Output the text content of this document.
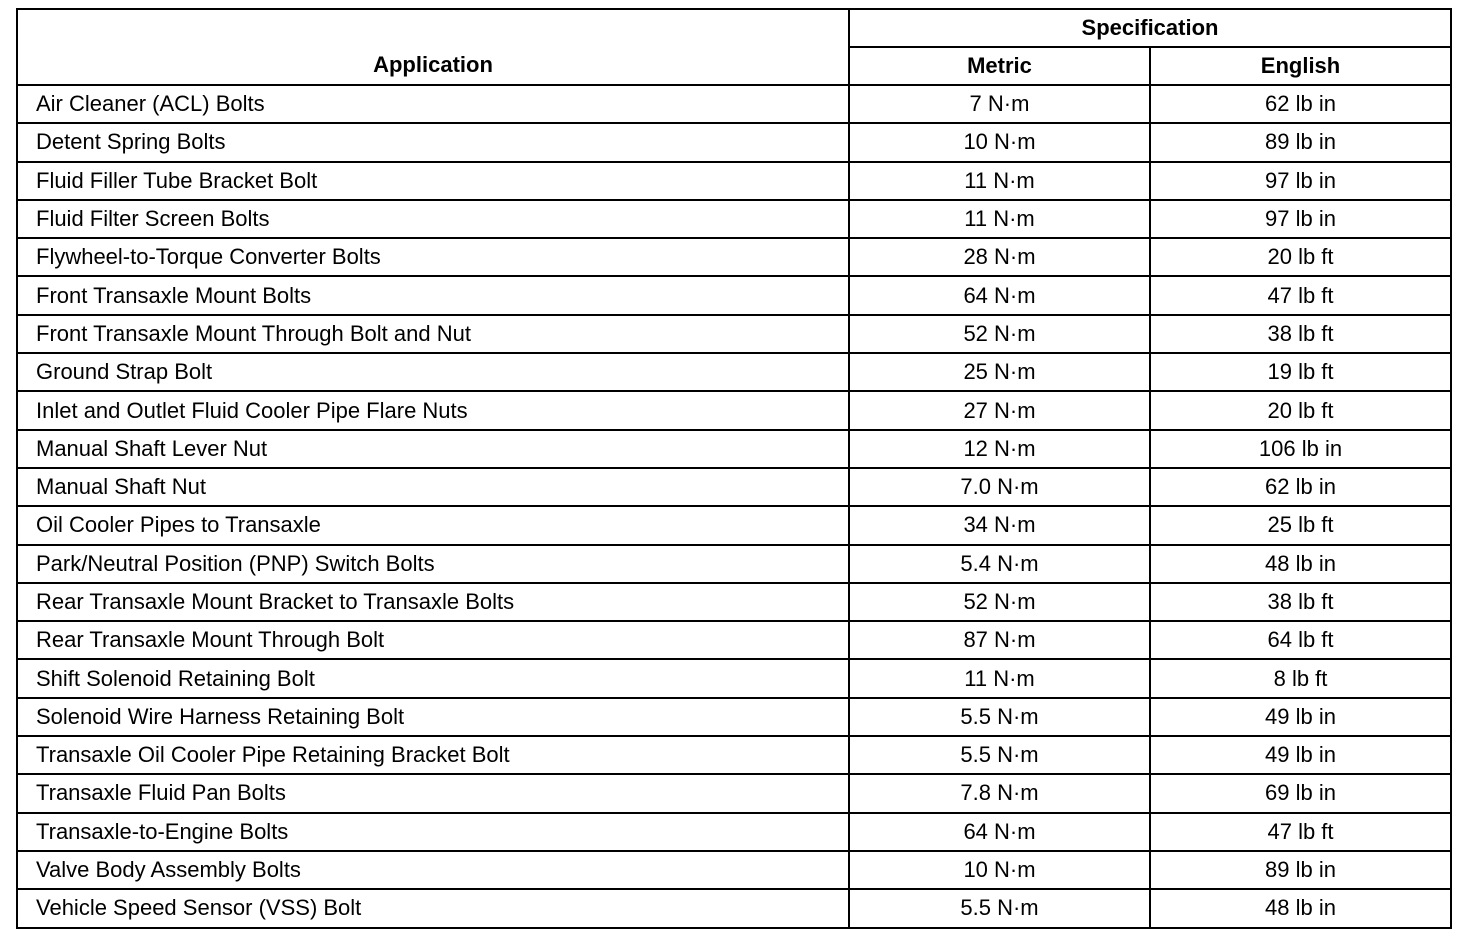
Application	Specification	
	Metric	English
Air Cleaner (ACL) Bolts	7 N·m	62 lb in
Detent Spring Bolts	10 N·m	89 lb in
Fluid Filler Tube Bracket Bolt	11 N·m	97 lb in
Fluid Filter Screen Bolts	11 N·m	97 lb in
Flywheel-to-Torque Converter Bolts	28 N·m	20 lb ft
Front Transaxle Mount Bolts	64 N·m	47 lb ft
Front Transaxle Mount Through Bolt and Nut	52 N·m	38 lb ft
Ground Strap Bolt	25 N·m	19 lb ft
Inlet and Outlet Fluid Cooler Pipe Flare Nuts	27 N·m	20 lb ft
Manual Shaft Lever Nut	12 N·m	106 lb in
Manual Shaft Nut	7.0 N·m	62 lb in
Oil Cooler Pipes to Transaxle	34 N·m	25 lb ft
Park/Neutral Position (PNP) Switch Bolts	5.4 N·m	48 lb in
Rear Transaxle Mount Bracket to Transaxle Bolts	52 N·m	38 lb ft
Rear Transaxle Mount Through Bolt	87 N·m	64 lb ft
Shift Solenoid Retaining Bolt	11 N·m	8 lb ft
Solenoid Wire Harness Retaining Bolt	5.5 N·m	49 lb in
Transaxle Oil Cooler Pipe Retaining Bracket Bolt	5.5 N·m	49 lb in
Transaxle Fluid Pan Bolts	7.8 N·m	69 lb in
Transaxle-to-Engine Bolts	64 N·m	47 lb ft
Valve Body Assembly Bolts	10 N·m	89 lb in
Vehicle Speed Sensor (VSS) Bolt	5.5 N·m	48 lb in
